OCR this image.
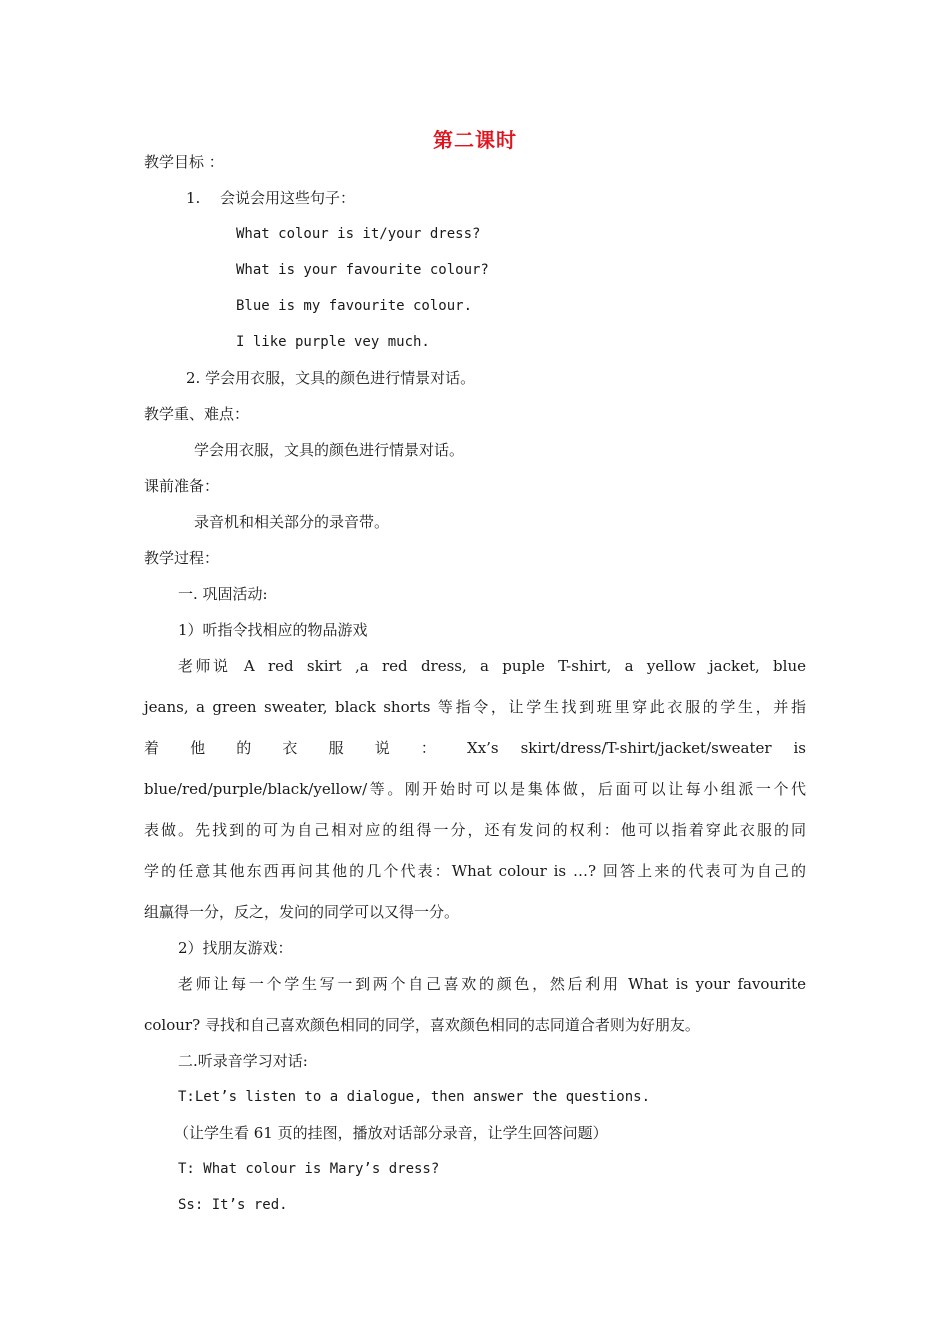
第二课时
教学目标 ：
1. 会说会用这些句子：
What colour is it/your dress?
What is your favourite colour?
Blue is my favourite colour.
I like purple vey much.
2. 学会用衣服，文具的颜色进行情景对话。
教学重、难点：
学会用衣服，文具的颜色进行情景对话。
课前准备：
录音机和相关部分的录音带。
教学过程：
一. 巩固活动:
1）听指令找相应的物品游戏
老师说 A red skirt ,a red dress, a puple T-shirt, a yellow jacket, blue
jeans, a green sweater, black shorts 等指令，让学生找到班里穿此衣服的学生，并指
着 他 的 衣 服 说 ： Xx’s skirt/dress/T-shirt/jacket/sweater is
blue/red/purple/black/yellow/等。刚开始时可以是集体做，后面可以让每小组派一个代
表做。先找到的可为自己相对应的组得一分，还有发问的权利：他可以指着穿此衣服的同
学的任意其他东西再问其他的几个代表：What colour is …? 回答上来的代表可为自己的
组赢得一分，反之，发问的同学可以又得一分。
2）找朋友游戏：
老师让每一个学生写一到两个自己喜欢的颜色，然后利用 What is your favourite
colour? 寻找和自己喜欢颜色相同的同学，喜欢颜色相同的志同道合者则为好朋友。
二.听录音学习对话:
T:Let’s listen to a dialogue, then answer the questions.
（让学生看 61 页的挂图，播放对话部分录音，让学生回答问题）
T: What colour is Mary’s dress?
Ss: It’s red.
